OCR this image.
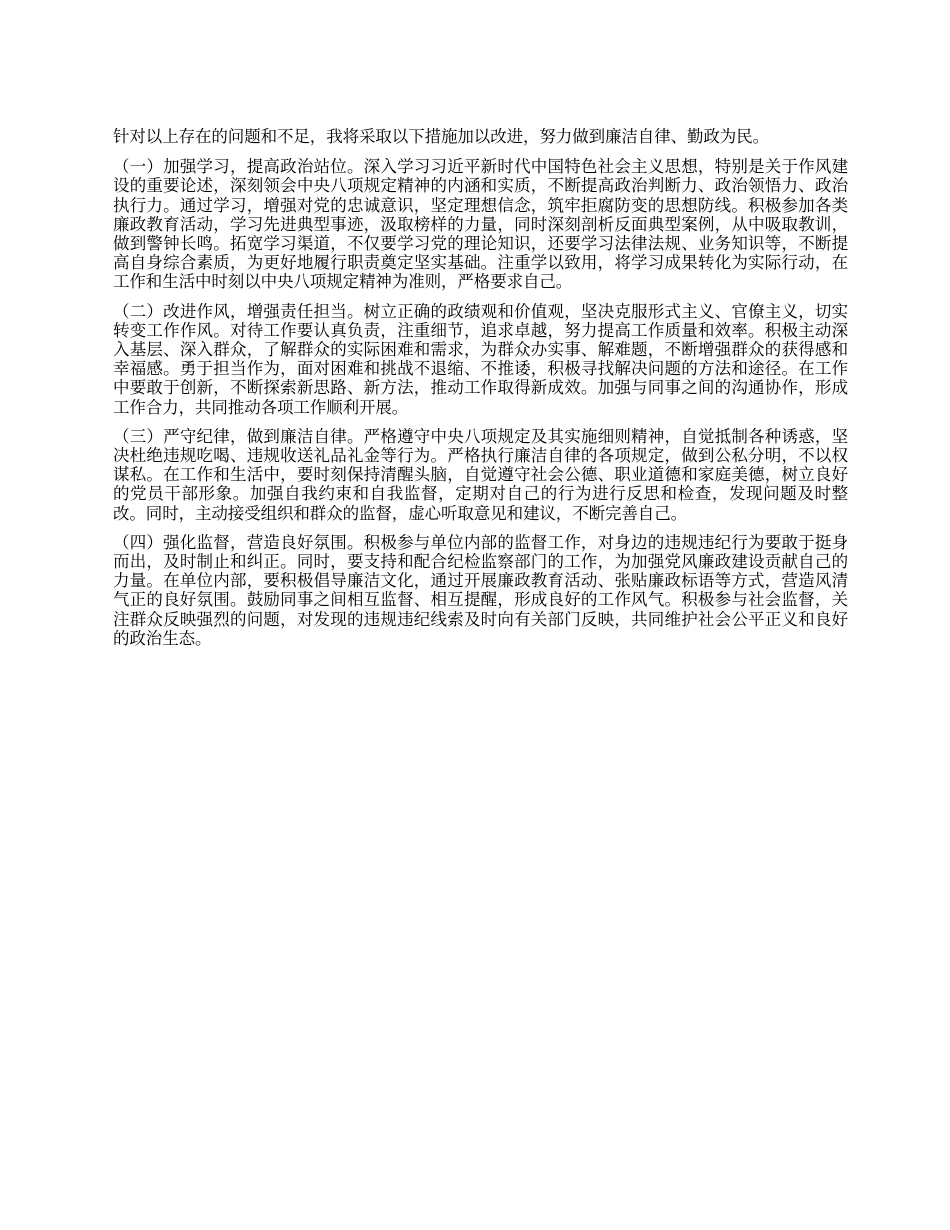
针对以上存在的问题和不足，我将采取以下措施加以改进，努力做到廉洁自律、勤政为民。

（一）加强学习，提高政治站位。深入学习习近平新时代中国特色社会主义思想，特别是关于作风建设的重要论述，深刻领会中央八项规定精神的内涵和实质，不断提高政治判断力、政治领悟力、政治执行力。通过学习，增强对党的忠诚意识，坚定理想信念，筑牢拒腐防变的思想防线。积极参加各类廉政教育活动，学习先进典型事迹，汲取榜样的力量，同时深刻剖析反面典型案例，从中吸取教训，做到警钟长鸣。拓宽学习渠道，不仅要学习党的理论知识，还要学习法律法规、业务知识等，不断提高自身综合素质，为更好地履行职责奠定坚实基础。注重学以致用，将学习成果转化为实际行动，在工作和生活中时刻以中央八项规定精神为准则，严格要求自己。

（二）改进作风，增强责任担当。树立正确的政绩观和价值观，坚决克服形式主义、官僚主义，切实转变工作作风。对待工作要认真负责，注重细节，追求卓越，努力提高工作质量和效率。积极主动深入基层、深入群众，了解群众的实际困难和需求，为群众办实事、解难题，不断增强群众的获得感和幸福感。勇于担当作为，面对困难和挑战不退缩、不推诿，积极寻找解决问题的方法和途径。在工作中要敢于创新，不断探索新思路、新方法，推动工作取得新成效。加强与同事之间的沟通协作，形成工作合力，共同推动各项工作顺利开展。

（三）严守纪律，做到廉洁自律。严格遵守中央八项规定及其实施细则精神，自觉抵制各种诱惑，坚决杜绝违规吃喝、违规收送礼品礼金等行为。严格执行廉洁自律的各项规定，做到公私分明，不以权谋私。在工作和生活中，要时刻保持清醒头脑，自觉遵守社会公德、职业道德和家庭美德，树立良好的党员干部形象。加强自我约束和自我监督，定期对自己的行为进行反思和检查，发现问题及时整改。同时，主动接受组织和群众的监督，虚心听取意见和建议，不断完善自己。

（四）强化监督，营造良好氛围。积极参与单位内部的监督工作，对身边的违规违纪行为要敢于挺身而出，及时制止和纠正。同时，要支持和配合纪检监察部门的工作，为加强党风廉政建设贡献自己的力量。在单位内部，要积极倡导廉洁文化，通过开展廉政教育活动、张贴廉政标语等方式，营造风清气正的良好氛围。鼓励同事之间相互监督、相互提醒，形成良好的工作风气。积极参与社会监督，关注群众反映强烈的问题，对发现的违规违纪线索及时向有关部门反映，共同维护社会公平正义和良好的政治生态。
